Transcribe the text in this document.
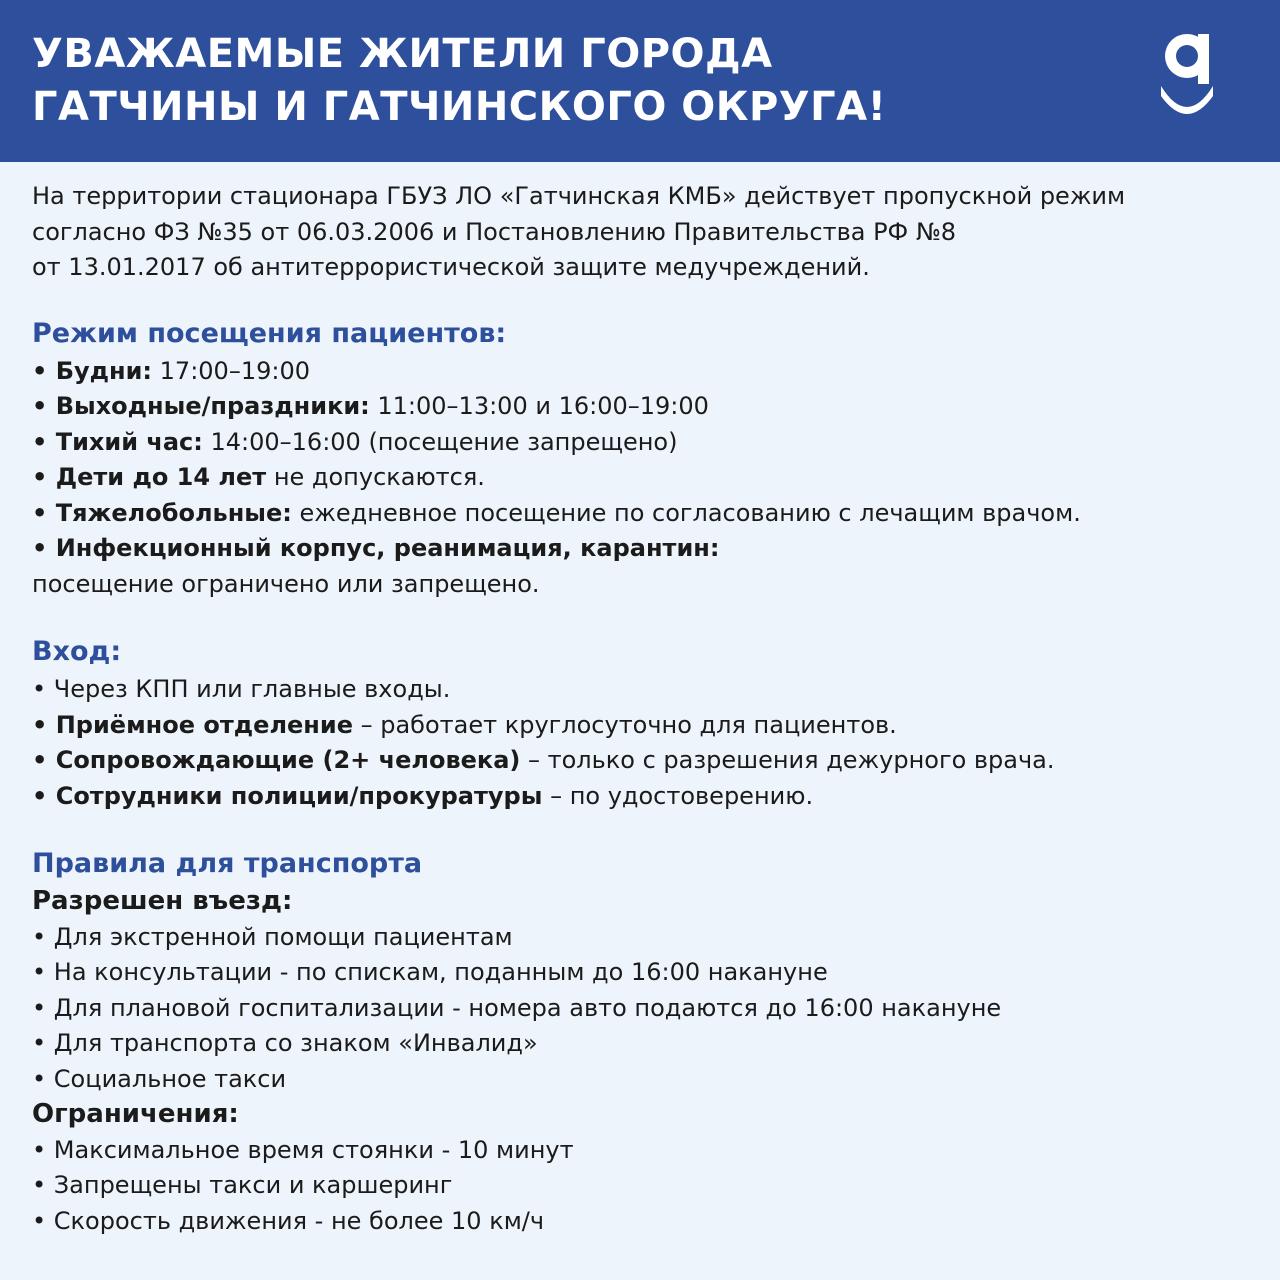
УВАЖАЕМЫЕ ЖИТЕЛИ ГОРОДА
ГАТЧИНЫ И ГАТЧИНСКОГО ОКРУГА!
На территории стационара ГБУЗ ЛО «Гатчинская КМБ» действует пропускной режим
согласно ФЗ №35 от 06.03.2006 и Постановлению Правительства РФ №8
от 13.01.2017 об антитеррористической защите медучреждений.
Режим посещения пациентов:
• Будни: 17:00–19:00
• Выходные/праздники: 11:00–13:00 и 16:00–19:00
• Тихий час: 14:00–16:00 (посещение запрещено)
• Дети до 14 лет не допускаются.
• Тяжелобольные: ежедневное посещение по согласованию с лечащим врачом.
• Инфекционный корпус, реанимация, карантин:
посещение ограничено или запрещено.
Вход:
• Через КПП или главные входы.
• Приёмное отделение – работает круглосуточно для пациентов.
• Сопровождающие (2+ человека) – только с разрешения дежурного врача.
• Сотрудники полиции/прокуратуры – по удостоверению.
Правила для транспорта
Разрешен въезд:
• Для экстренной помощи пациентам
• На консультации - по спискам, поданным до 16:00 накануне
• Для плановой госпитализации - номера авто подаются до 16:00 накануне
• Для транспорта со знаком «Инвалид»
• Социальное такси
Ограничения:
• Максимальное время стоянки - 10 минут
• Запрещены такси и каршеринг
• Скорость движения - не более 10 км/ч
